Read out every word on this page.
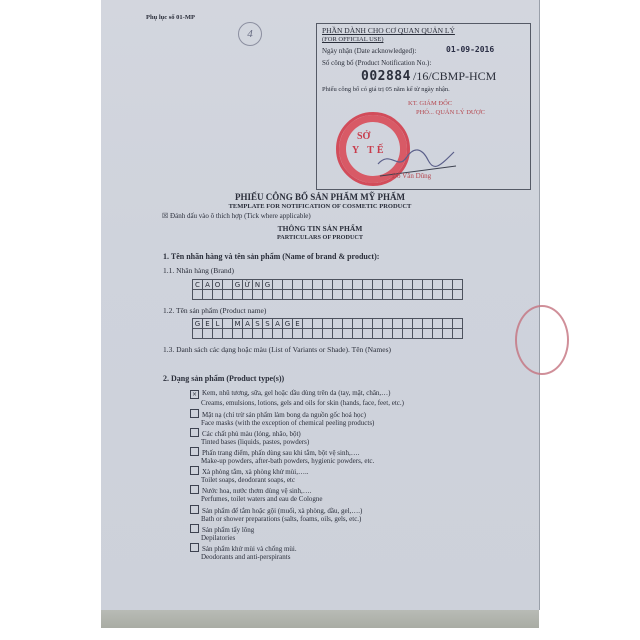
Phụ lục số 01-MP
4	PHẦN DÀNH CHO CƠ QUAN QUẢN LÝ
(FOR OFFICIAL USE)
Ngày nhận (Date acknowledged):	01-09-2016
Số công bố (Product Notification No.):
002884 /16/CBMP-HCM
Phiếu công bố có giá trị 05 năm kể từ ngày nhận.
KT. GIÁM ĐỐC
PHÓ... QUẢN LÝ DƯỢC
SỞ
Y TẾ
Đỗ Văn Dũng
PHIẾU CÔNG BỐ SẢN PHẨM MỸ PHẨM
TEMPLATE FOR NOTIFICATION OF COSMETIC PRODUCT
☒ Đánh dấu vào ô thích hợp (Tick where applicable)
THÔNG TIN SẢN PHẨM
PARTICULARS OF PRODUCT
1. Tên nhãn hàng và tên sản phẩm (Name of brand & product):
1.1. Nhãn hàng (Brand)
C A O	G Ừ N G
1.2. Tên sản phẩm (Product name)
G E L	M A S S A G E
1.3. Danh sách các dạng hoặc màu (List of Variants or Shade). Tên (Names)
2. Dạng sản phẩm (Product type(s))
× Kem, nhũ tương, sữa, gel hoặc dầu dùng trên da (tay, mặt, chân,…)
Creams, emulsions, lotions, gels and oils for skin (hands, face, feet, etc.)
Mặt nạ (chỉ trừ sản phẩm làm bong da nguồn gốc hoá học)
Face masks (with the exception of chemical peeling products)
Các chất phủ màu (lỏng, nhão, bột)
Tinted bases (liquids, pastes, powders)
Phấn trang điểm, phấn dùng sau khi tắm, bột vệ sinh,….
Make-up powders, after-bath powders, hygienic powders, etc.
Xà phòng tắm, xà phòng khử mùi,…..
Toilet soaps, deodorant soaps, etc
Nước hoa, nước thơm dùng vệ sinh,….
Perfumes, toilet waters and eau de Cologne
Sản phẩm để tắm hoặc gội (muối, xà phòng, dầu, gel,….)
Bath or shower preparations (salts, foams, oils, gels, etc.)
Sản phẩm tẩy lông
Depilatories
Sản phẩm khử mùi và chống mùi.
Deodorants and anti-perspirants
